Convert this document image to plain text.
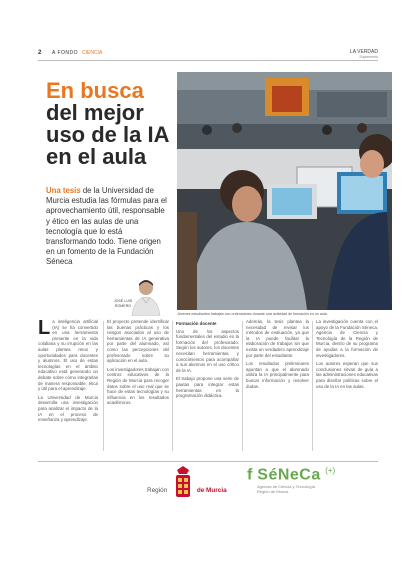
2 A FONDO CIENCIA	LA VERDAD
Suplemento
En busca
del mejor uso de la IA en el aula
Una tesis de la Universidad de Murcia estudia las fórmulas para el aprovechamiento útil, responsable y ético en las aulas de una tecnología que lo está transformando todo. Tiene origen en un fomento de la Fundación Séneca
JOSÉ LUIS
ROMERO
Jóvenes estudiantes trabajan con ordenadores durante una actividad de formación en un aula.

La inteligencia artificial (IA) se ha convertido en una herramienta presente en la vida cotidiana y su irrupción en las aulas plantea retos y oportunidades para docentes y alumnos. El uso de estas tecnologías en el ámbito educativo está generando un debate sobre cómo integrarlas de manera responsable, ética y útil para el aprendizaje.

La Universidad de Murcia desarrolla una investigación para analizar el impacto de la IA en el proceso de enseñanza y aprendizaje.

El proyecto pretende identificar las buenas prácticas y los riesgos asociados al uso de herramientas de IA generativa por parte del alumnado, así como las percepciones del profesorado sobre su aplicación en el aula.

Los investigadores trabajan con centros educativos de la Región de Murcia para recoger datos sobre el uso real que se hace de estas tecnologías y su influencia en los resultados académicos.

Formación docente

Uno de los aspectos fundamentales del estudio es la formación del profesorado. Según los autores, los docentes necesitan herramientas y conocimientos para acompañar a sus alumnos en el uso crítico de la IA.

El trabajo propone una serie de pautas para integrar estas herramientas en la programación didáctica.

Además, la tesis plantea la necesidad de revisar los métodos de evaluación, ya que la IA puede facilitar la elaboración de trabajos sin que exista un verdadero aprendizaje por parte del estudiante.

Los resultados preliminares apuntan a que el alumnado utiliza la IA principalmente para buscar información y resolver dudas.

La investigación cuenta con el apoyo de la Fundación Séneca, Agencia de Ciencia y Tecnología de la Región de Murcia, dentro de su programa de ayudas a la formación de investigadores.

Los autores esperan que sus conclusiones sirvan de guía a las administraciones educativas para diseñar políticas sobre el uso de la IA en las aulas.

Región	de Murcia
f SéNeCa (+)
Agencia de Ciencia y Tecnología
Región de Murcia
